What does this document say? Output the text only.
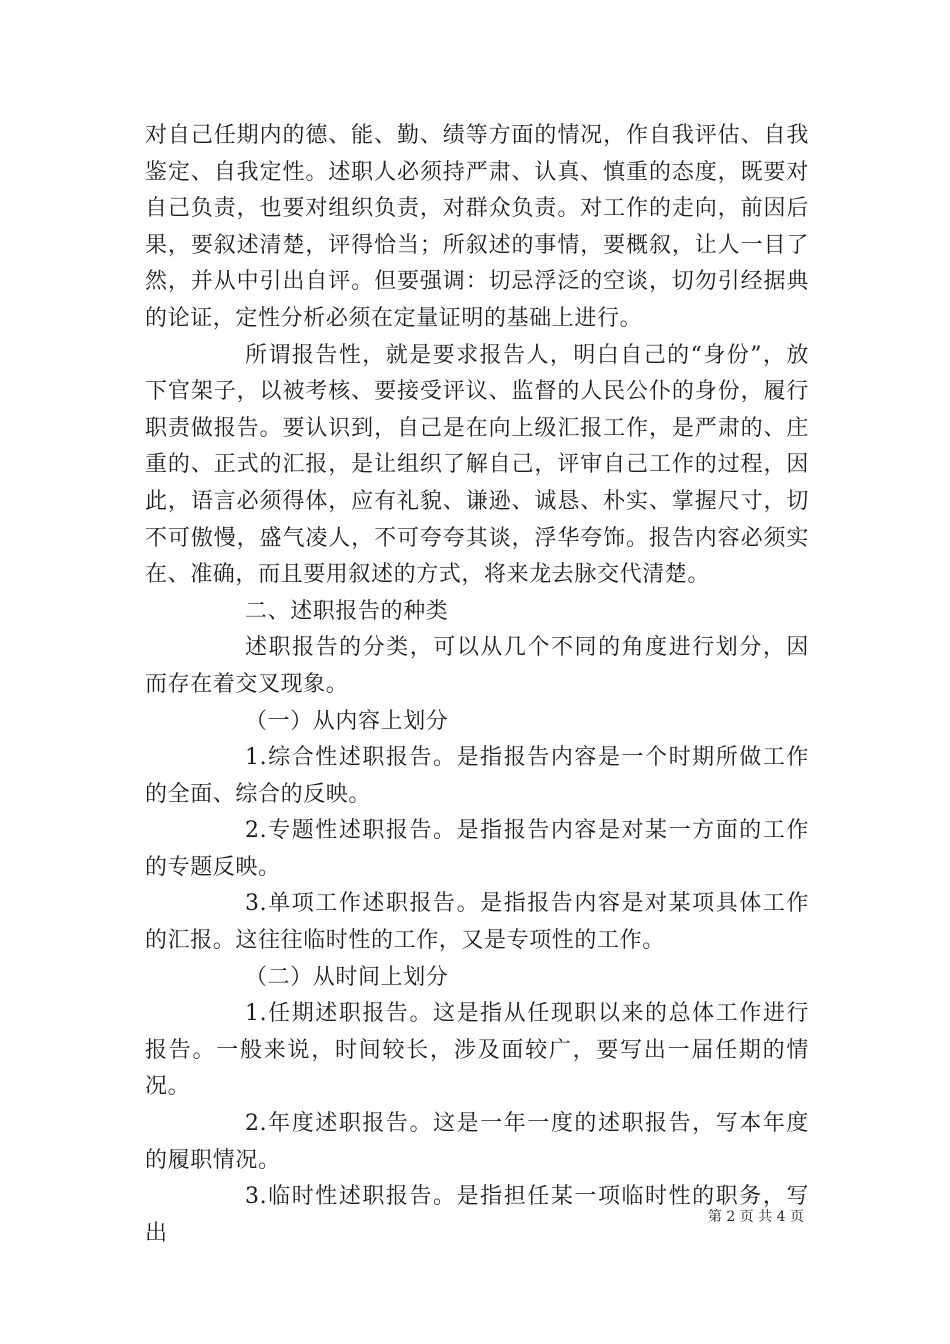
对自己任期内的德、能、勤、绩等方面的情况，作自我评估、自我鉴定、自我定性。述职人必须持严肃、认真、慎重的态度，既要对自己负责，也要对组织负责，对群众负责。对工作的走向，前因后果，要叙述清楚，评得恰当；所叙述的事情，要概叙，让人一目了然，并从中引出自评。但要强调：切忌浮泛的空谈，切勿引经据典的论证，定性分析必须在定量证明的基础上进行。

所谓报告性，就是要求报告人，明白自己的“身份”，放下官架子，以被考核、要接受评议、监督的人民公仆的身份，履行职责做报告。要认识到，自己是在向上级汇报工作，是严肃的、庄重的、正式的汇报，是让组织了解自己，评审自己工作的过程，因此，语言必须得体，应有礼貌、谦逊、诚恳、朴实、掌握尺寸，切不可傲慢，盛气凌人，不可夸夸其谈，浮华夸饰。报告内容必须实在、准确，而且要用叙述的方式，将来龙去脉交代清楚。

二、述职报告的种类

述职报告的分类，可以从几个不同的角度进行划分，因而存在着交叉现象。

（一）从内容上划分

1.综合性述职报告。是指报告内容是一个时期所做工作的全面、综合的反映。

2.专题性述职报告。是指报告内容是对某一方面的工作的专题反映。

3.单项工作述职报告。是指报告内容是对某项具体工作的汇报。这往往临时性的工作，又是专项性的工作。

（二）从时间上划分

1.任期述职报告。这是指从任现职以来的总体工作进行报告。一般来说，时间较长，涉及面较广，要写出一届任期的情况。

2.年度述职报告。这是一年一度的述职报告，写本年度的履职情况。

3.临时性述职报告。是指担任某一项临时性的职务，写出

第 2 页 共 4 页
